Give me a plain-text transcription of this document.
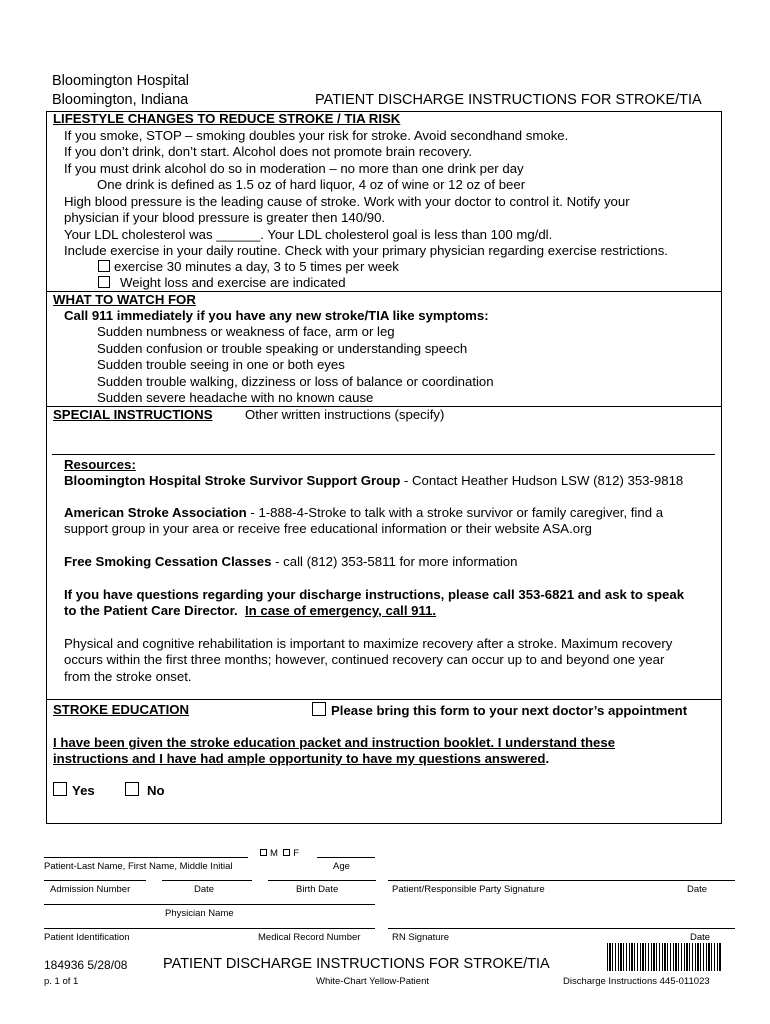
Bloomington Hospital
Bloomington, Indiana	PATIENT DISCHARGE INSTRUCTIONS FOR STROKE/TIA
LIFESTYLE CHANGES TO REDUCE STROKE / TIA RISK
If you smoke, STOP – smoking doubles your risk for stroke. Avoid secondhand smoke.
If you don’t drink, don’t start. Alcohol does not promote brain recovery.
If you must drink alcohol do so in moderation – no more than one drink per day
One drink is defined as 1.5 oz of hard liquor, 4 oz of wine or 12 oz of beer
High blood pressure is the leading cause of stroke. Work with your doctor to control it. Notify your
physician if your blood pressure is greater then 140/90.
Your LDL cholesterol was ______. Your LDL cholesterol goal is less than 100 mg/dl.
Include exercise in your daily routine. Check with your primary physician regarding exercise restrictions.
exercise 30 minutes a day, 3 to 5 times per week
Weight loss and exercise are indicated
WHAT TO WATCH FOR
Call 911 immediately if you have any new stroke/TIA like symptoms:
Sudden numbness or weakness of face, arm or leg
Sudden confusion or trouble speaking or understanding speech
Sudden trouble seeing in one or both eyes
Sudden trouble walking, dizziness or loss of balance or coordination
Sudden severe headache with no known cause
SPECIAL INSTRUCTIONS Other written instructions (specify)
Resources:
Bloomington Hospital Stroke Survivor Support Group - Contact Heather Hudson LSW (812) 353-9818
American Stroke Association - 1-888-4-Stroke to talk with a stroke survivor or family caregiver, find a
support group in your area or receive free educational information or their website ASA.org
Free Smoking Cessation Classes - call (812) 353-5811 for more information
If you have questions regarding your discharge instructions, please call 353-6821 and ask to speak
to the Patient Care Director.  In case of emergency, call 911.
Physical and cognitive rehabilitation is important to maximize recovery after a stroke. Maximum recovery
occurs within the first three months; however, continued recovery can occur up to and beyond one year
from the stroke onset.
STROKE EDUCATION	Please bring this form to your next doctor’s appointment
I have been given the stroke education packet and instruction booklet. I understand these
instructions and I have had ample opportunity to have my questions answered.
Yes	No
M F
Patient-Last Name, First Name, Middle Initial	Age
Admission Number	Date	Birth Date	Patient/Responsible Party Signature	Date
Physician Name
Patient Identification	Medical Record Number	RN Signature	Date
184936 5/28/08 PATIENT DISCHARGE INSTRUCTIONS FOR STROKE/TIA
p. 1 of 1	White-Chart Yellow-Patient	Discharge Instructions 445-011023
